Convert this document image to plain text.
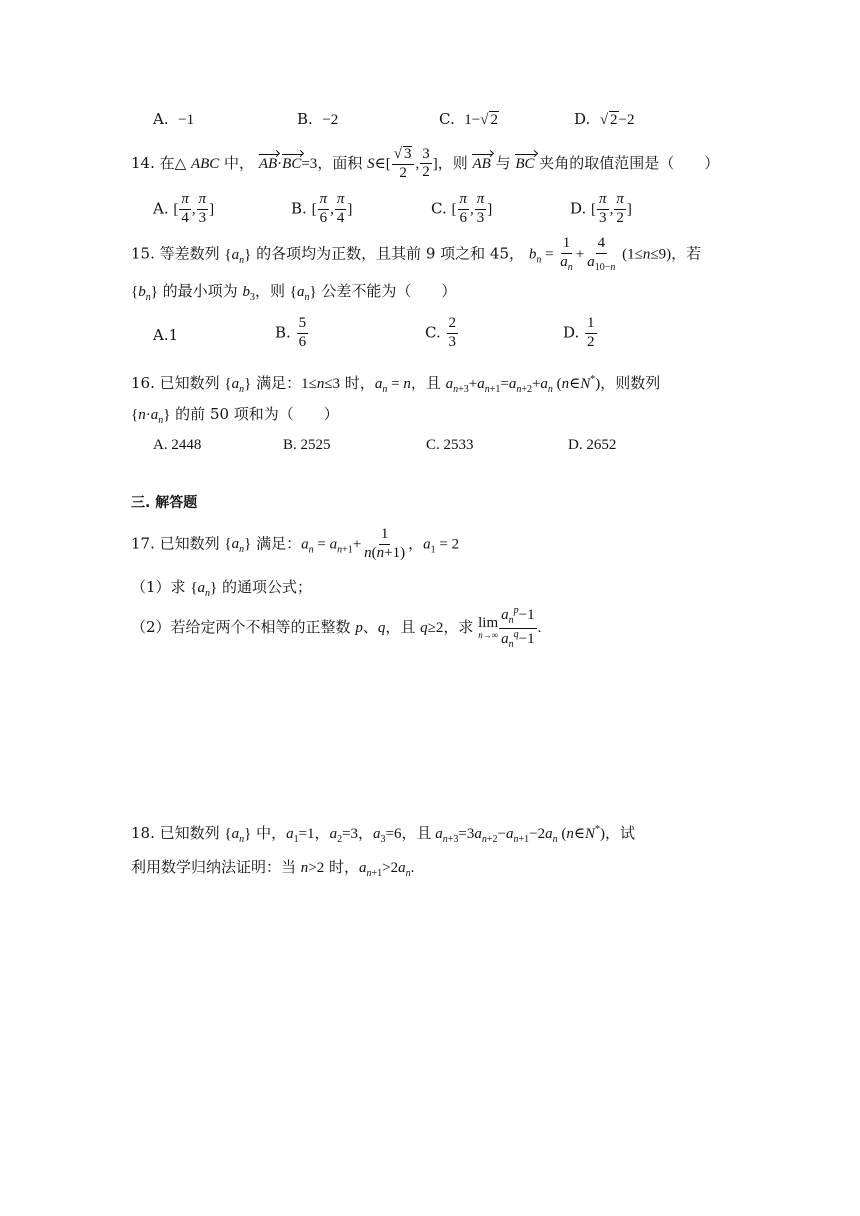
A. −1	B. −2	C. 1−√ 2	D. √ 2−2
14. 在△ ABC 中， AB·BC=3，面积 S∈[ $\frac{√ 3}{2}$ , $\frac{3}{2}$ ]，则 AB 与 BC 夹角的取值范围是（　　）
A. [ $\frac{\pi}{4}$ , $\frac{\pi}{3}$ ]	B. [ $\frac{\pi}{6}$ , $\frac{\pi}{4}$ ]	C. [ $\frac{\pi}{6}$ , $\frac{\pi}{3}$ ]	D. [ $\frac{\pi}{3}$ , $\frac{\pi}{2}$ ]
15. 等差数列 $\{a_n\}$ 的各项均为正数，且其前 9 项之和 45， $b_n = \frac{1}{a_n} + \frac{4}{a_{10-n}} (1\le n\le 9)$，若
$\{b_n\}$ 的最小项为 $b_3$，则 $\{a_n\}$ 公差不能为（　　）
A.1	B. $\frac{5}{6}$	C. $\frac{2}{3}$	D. $\frac{1}{2}$
16. 已知数列 $\{a_n\}$ 满足：1≤n≤3 时，$a_n = n$，且 $a_{n+3}+a_{n+1}=a_{n+2}+a_n$ (n∈N*)，则数列
$\{n\cdot a_n\}$ 的前 50 项和为（　　）
A. 2448	B. 2525	C. 2533	D. 2652
三. 解答题
17. 已知数列 $\{a_n\}$ 满足：$a_n = a_{n+1}+ \frac{1}{n(n+1)}$ ，$a_1 = 2$
（1）求 $\{a_n\}$ 的通项公式；
（2）若给定两个不相等的正整数 p、q，且 q≥2，求 lim
$n\to\infty \frac{a_n^p-1}{a_n^q-1}$ .
18. 已知数列 $\{a_n\}$ 中，$a_1=1$，$a_2=3$，$a_3=6$，且 $a_{n+3}=3a_{n+2}-a_{n+1}-2a_n$ (n∈N*)，试
利用数学归纳法证明：当 n>2 时，$a_{n+1}>2a_n$.
